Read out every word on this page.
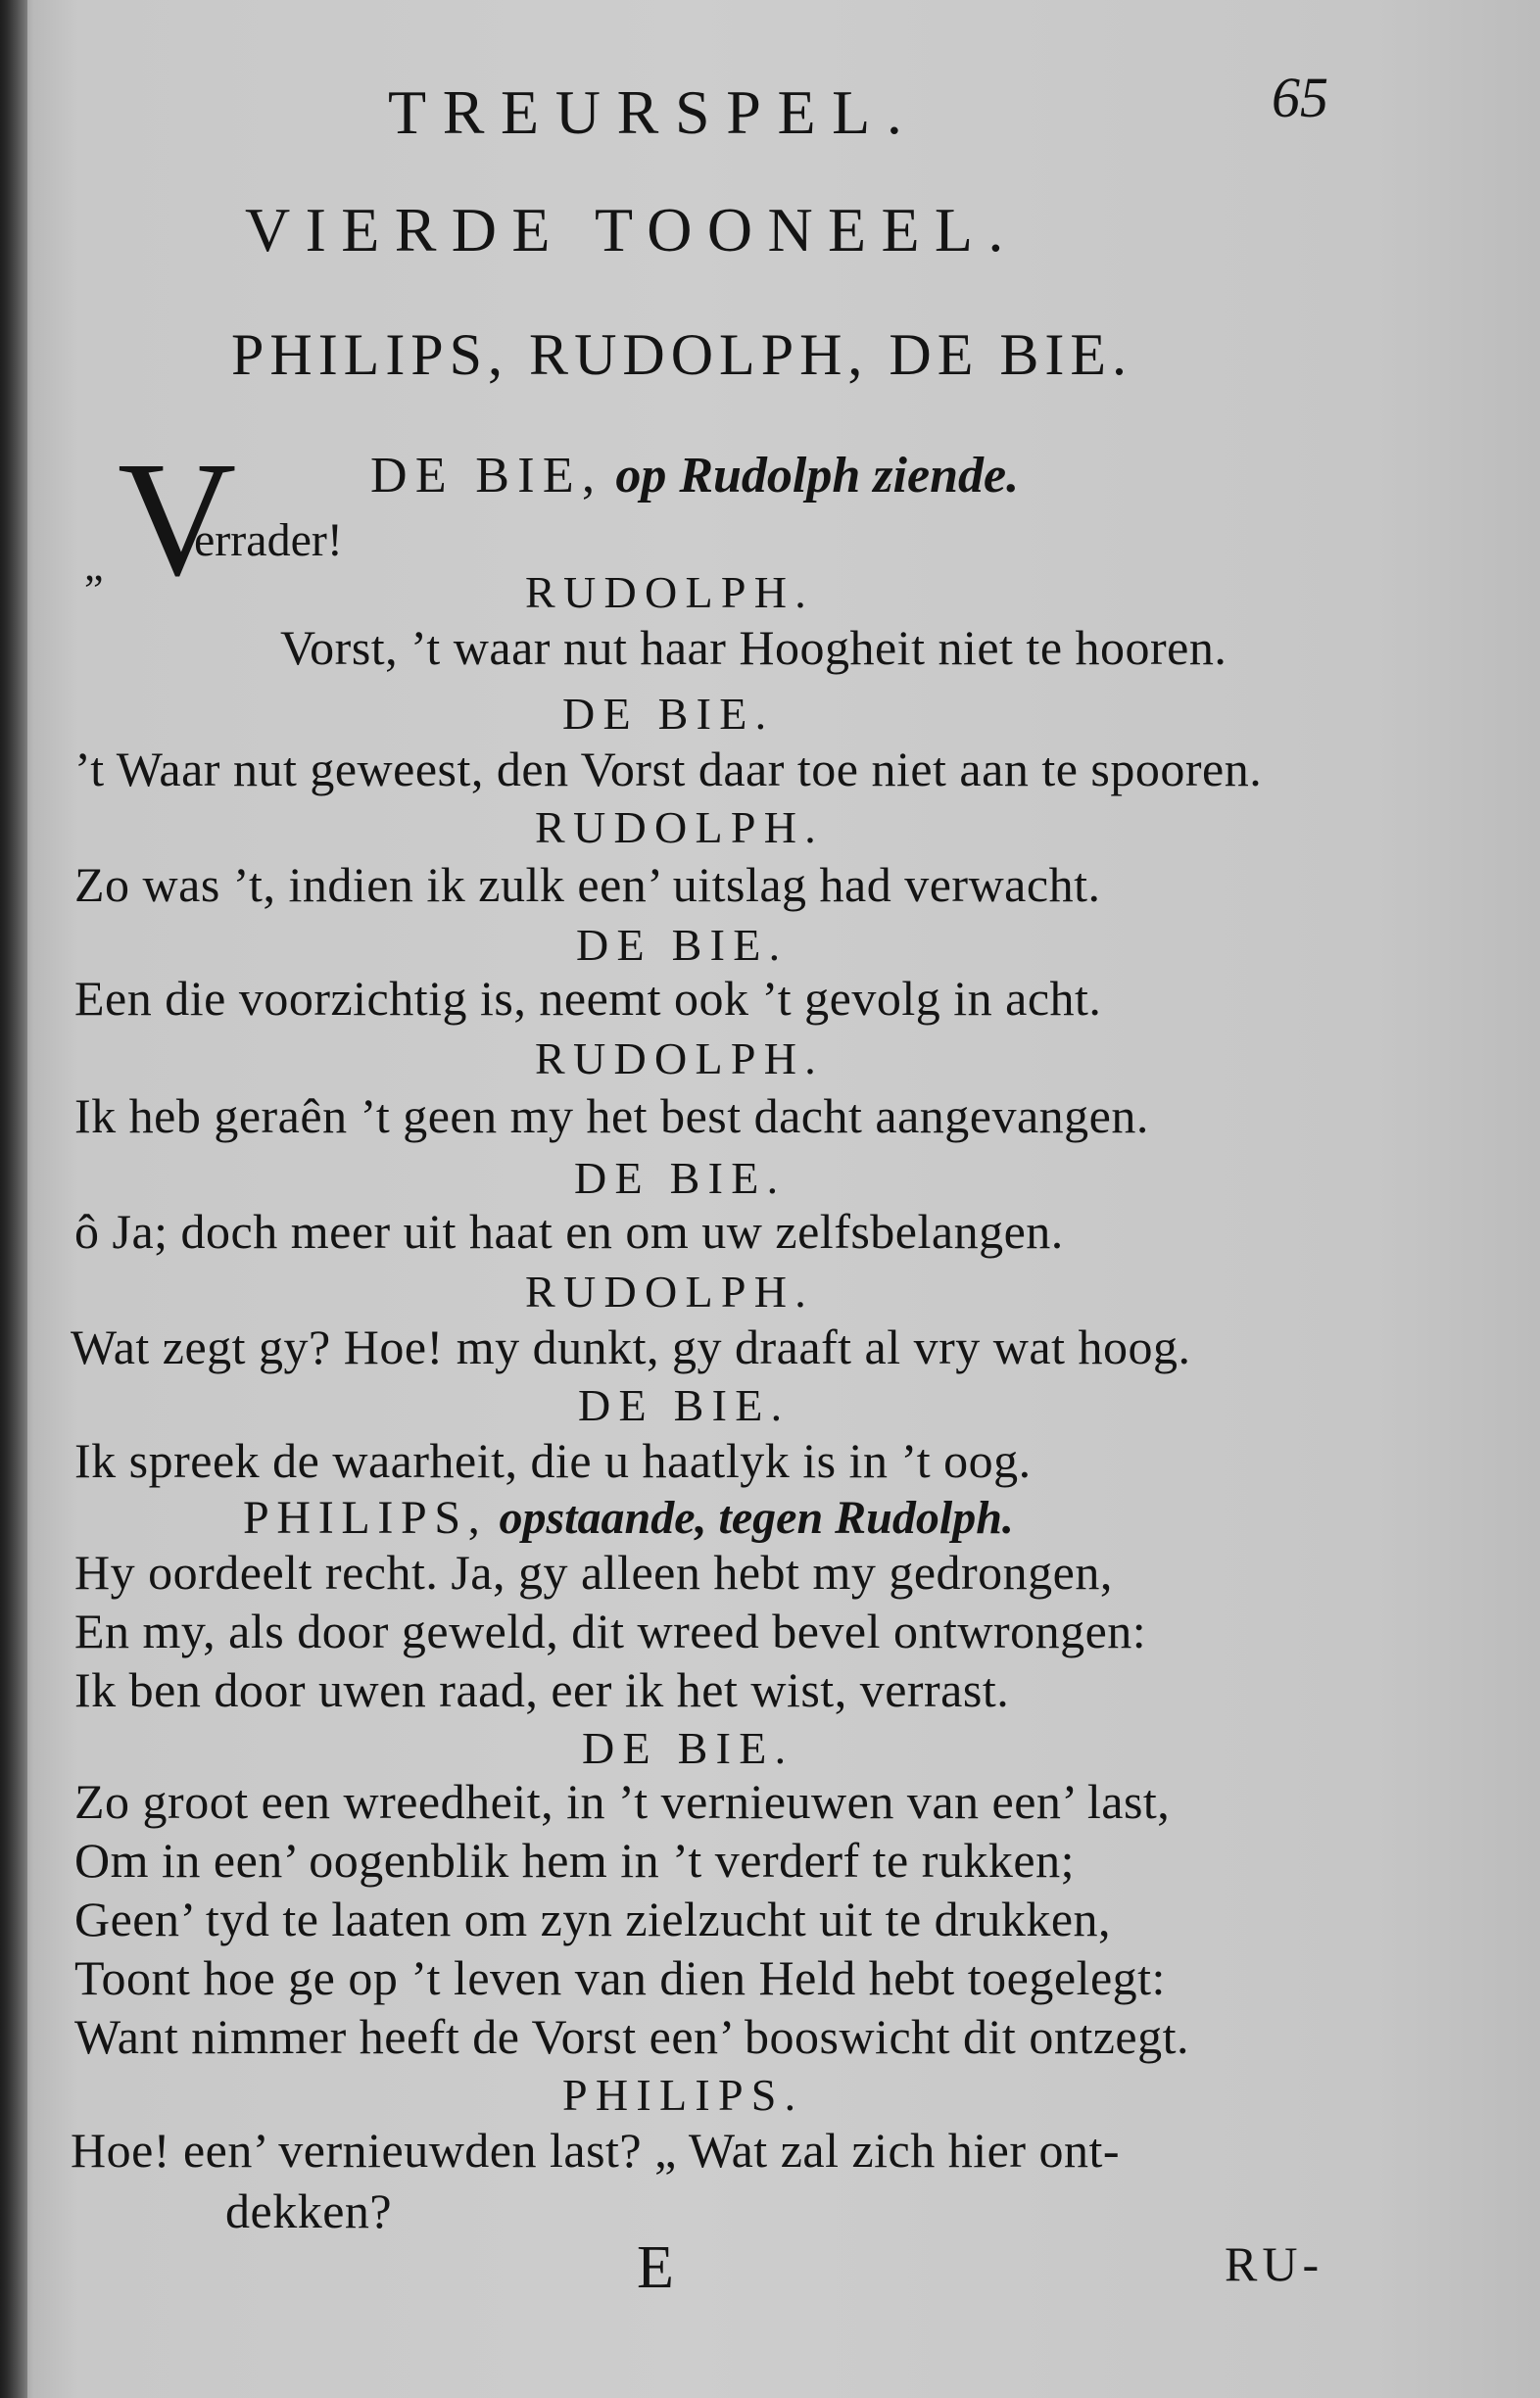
TREURSPEL.	65
VIERDE TOONEEL.
PHILIPS, RUDOLPH, DE BIE.
DE BIE, op Rudolph ziende.
„ V
errader!
RUDOLPH.
Vorst, ’t waar nut haar Hoogheit niet te hooren.
DE BIE.
’t Waar nut geweest, den Vorst daar toe niet aan te spooren.
RUDOLPH.
Zo was ’t, indien ik zulk een’ uitslag had verwacht.
DE BIE.
Een die voorzichtig is, neemt ook ’t gevolg in acht.
RUDOLPH.
Ik heb geraên ’t geen my het best dacht aangevangen.
DE BIE.
ô Ja; doch meer uit haat en om uw zelfsbelangen.
RUDOLPH.
Wat zegt gy? Hoe! my dunkt, gy draaft al vry wat hoog.
DE BIE.
Ik spreek de waarheit, die u haatlyk is in ’t oog.
PHILIPS, opstaande, tegen Rudolph.
Hy oordeelt recht. Ja, gy alleen hebt my gedrongen,
En my, als door geweld, dit wreed bevel ontwrongen:
Ik ben door uwen raad, eer ik het wist, verrast.
DE BIE.
Zo groot een wreedheit, in ’t vernieuwen van een’ last,
Om in een’ oogenblik hem in ’t verderf te rukken;
Geen’ tyd te laaten om zyn zielzucht uit te drukken,
Toont hoe ge op ’t leven van dien Held hebt toegelegt:
Want nimmer heeft de Vorst een’ booswicht dit ontzegt.
PHILIPS.
Hoe! een’ vernieuwden last? „ Wat zal zich hier ont-
dekken?
E	RU-
